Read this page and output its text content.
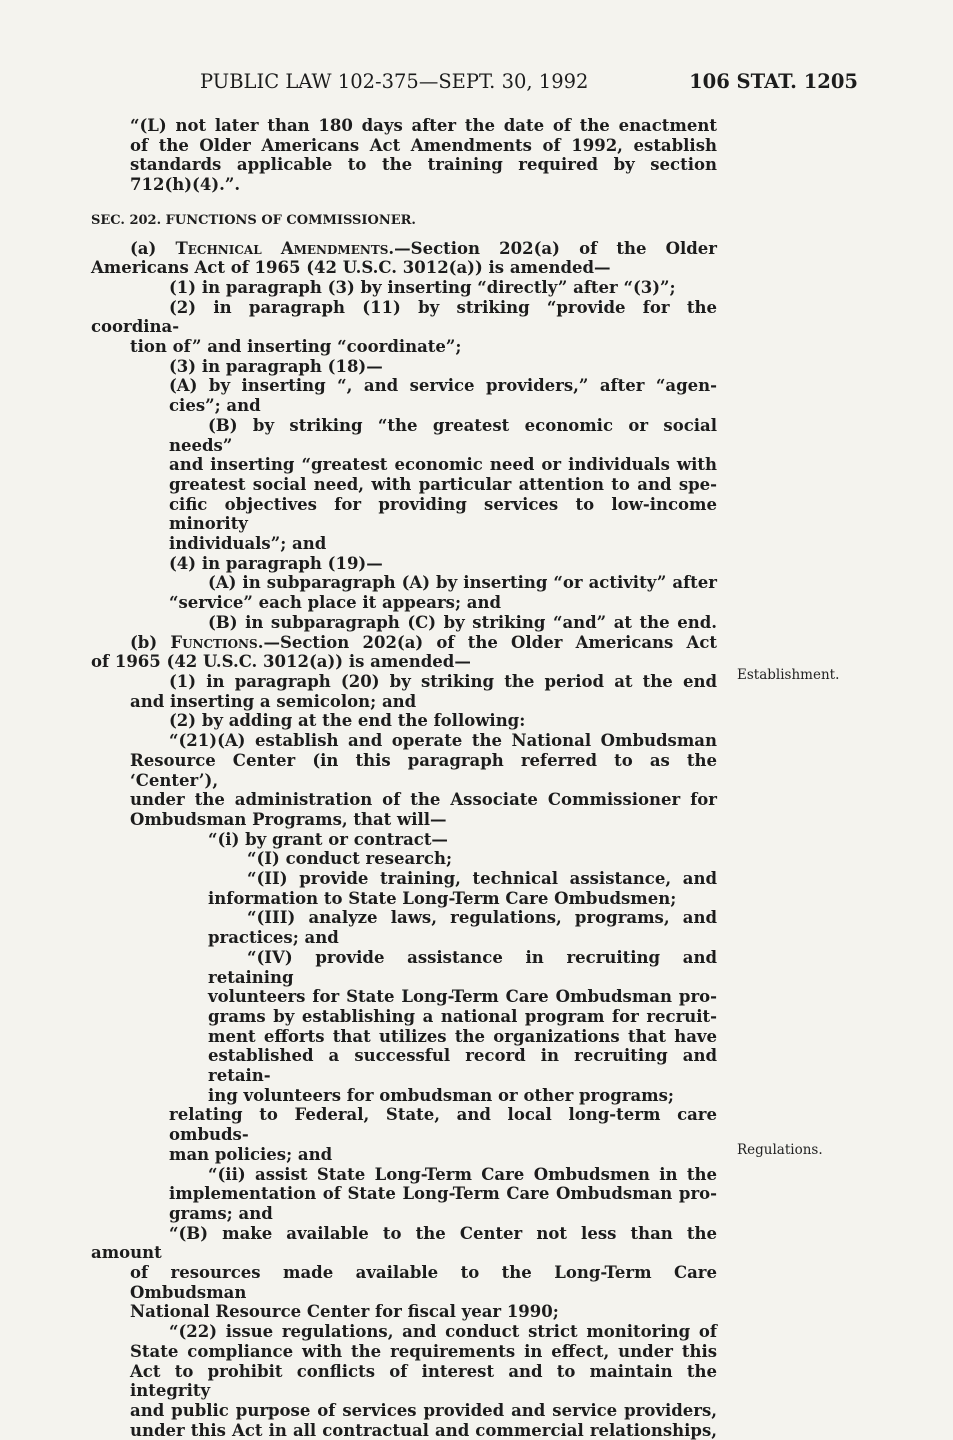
PUBLIC LAW 102-375—SEPT. 30, 1992	106 STAT. 1205
Establishment.
Regulations.

“(L) not later than 180 days after the date of the enactment

of the Older Americans Act Amendments of 1992, establish

standards applicable to the training required by section

712(h)(4).”.

SEC. 202. FUNCTIONS OF COMMISSIONER.

(a) Technical Amendments.—Section 202(a) of the Older

Americans Act of 1965 (42 U.S.C. 3012(a)) is amended—

(1) in paragraph (3) by inserting “directly” after “(3)”;

(2) in paragraph (11) by striking “provide for the coordina-

tion of” and inserting “coordinate”;

(3) in paragraph (18)—

(A) by inserting “, and service providers,” after “agen-

cies”; and

(B) by striking “the greatest economic or social needs”

and inserting “greatest economic need or individuals with

greatest social need, with particular attention to and spe-

cific objectives for providing services to low-income minority

individuals”; and

(4) in paragraph (19)—

(A) in subparagraph (A) by inserting “or activity” after

“service” each place it appears; and

(B) in subparagraph (C) by striking “and” at the end.

(b) Functions.—Section 202(a) of the Older Americans Act

of 1965 (42 U.S.C. 3012(a)) is amended—

(1) in paragraph (20) by striking the period at the end

and inserting a semicolon; and

(2) by adding at the end the following:

“(21)(A) establish and operate the National Ombudsman

Resource Center (in this paragraph referred to as the ‘Center’),

under the administration of the Associate Commissioner for

Ombudsman Programs, that will—

“(i) by grant or contract—

“(I) conduct research;

“(II) provide training, technical assistance, and

information to State Long-Term Care Ombudsmen;

“(III) analyze laws, regulations, programs, and

practices; and

“(IV) provide assistance in recruiting and retaining

volunteers for State Long-Term Care Ombudsman pro-

grams by establishing a national program for recruit-

ment efforts that utilizes the organizations that have

established a successful record in recruiting and retain-

ing volunteers for ombudsman or other programs;

relating to Federal, State, and local long-term care ombuds-

man policies; and

“(ii) assist State Long-Term Care Ombudsmen in the

implementation of State Long-Term Care Ombudsman pro-

grams; and

“(B) make available to the Center not less than the amount

of resources made available to the Long-Term Care Ombudsman

National Resource Center for fiscal year 1990;

“(22) issue regulations, and conduct strict monitoring of

State compliance with the requirements in effect, under this

Act to prohibit conflicts of interest and to maintain the integrity

and public purpose of services provided and service providers,

under this Act in all contractual and commercial relationships,
